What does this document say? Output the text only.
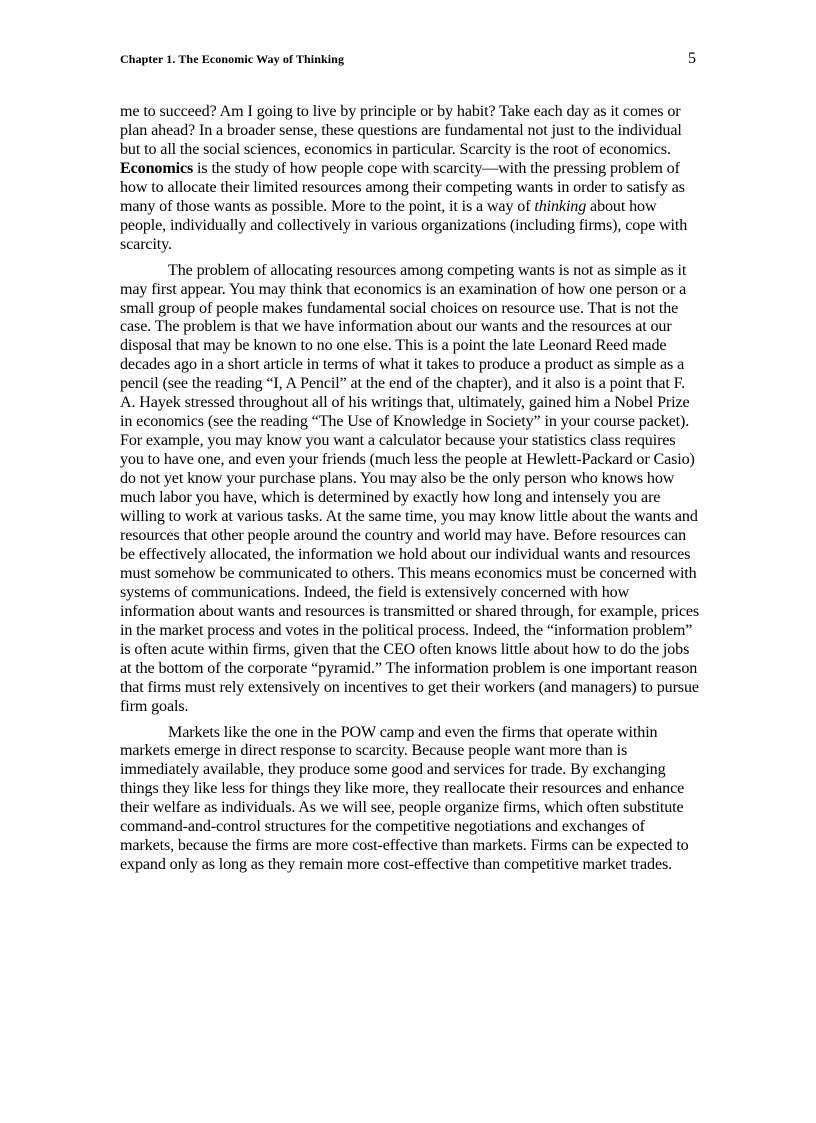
Chapter 1. The Economic Way of Thinking	5

me to succeed? Am I going to live by principle or by habit? Take each day as it comes or plan ahead? In a broader sense, these questions are fundamental not just to the individual but to all the social sciences, economics in particular. Scarcity is the root of economics. Economics is the study of how people cope with scarcity—with the pressing problem of how to allocate their limited resources among their competing wants in order to satisfy as many of those wants as possible. More to the point, it is a way of thinking about how people, individually and collectively in various organizations (including firms), cope with scarcity.

The problem of allocating resources among competing wants is not as simple as it may first appear. You may think that economics is an examination of how one person or a small group of people makes fundamental social choices on resource use. That is not the case. The problem is that we have information about our wants and the resources at our disposal that may be known to no one else. This is a point the late Leonard Reed made decades ago in a short article in terms of what it takes to produce a product as simple as a pencil (see the reading “I, A Pencil” at the end of the chapter), and it also is a point that F. A. Hayek stressed throughout all of his writings that, ultimately, gained him a Nobel Prize in economics (see the reading “The Use of Knowledge in Society” in your course packet). For example, you may know you want a calculator because your statistics class requires you to have one, and even your friends (much less the people at Hewlett-Packard or Casio) do not yet know your purchase plans. You may also be the only person who knows how much labor you have, which is determined by exactly how long and intensely you are willing to work at various tasks. At the same time, you may know little about the wants and resources that other people around the country and world may have. Before resources can be effectively allocated, the information we hold about our individual wants and resources must somehow be communicated to others. This means economics must be concerned with systems of communications. Indeed, the field is extensively concerned with how information about wants and resources is transmitted or shared through, for example, prices in the market process and votes in the political process. Indeed, the “information problem” is often acute within firms, given that the CEO often knows little about how to do the jobs at the bottom of the corporate “pyramid.” The information problem is one important reason that firms must rely extensively on incentives to get their workers (and managers) to pursue firm goals.

Markets like the one in the POW camp and even the firms that operate within markets emerge in direct response to scarcity. Because people want more than is immediately available, they produce some good and services for trade. By exchanging things they like less for things they like more, they reallocate their resources and enhance their welfare as individuals. As we will see, people organize firms, which often substitute command-and-control structures for the competitive negotiations and exchanges of markets, because the firms are more cost-effective than markets. Firms can be expected to expand only as long as they remain more cost-effective than competitive market trades.
